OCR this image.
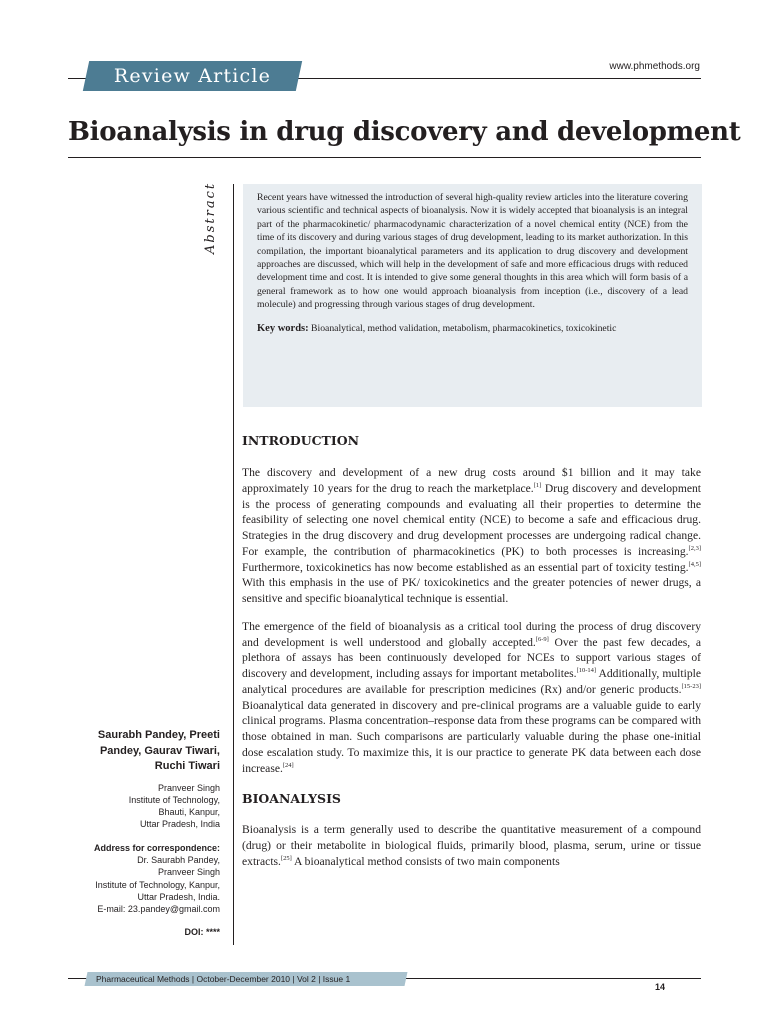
Review Article	www.phmethods.org
Bioanalysis in drug discovery and development
Abstract	Recent years have witnessed the introduction of several high-quality review articles into the literature covering various scientific and technical aspects of bioanalysis. Now it is widely accepted that bioanalysis is an integral part of the pharmacokinetic/ pharmacodynamic characterization of a novel chemical entity (NCE) from the time of its discovery and during various stages of drug development, leading to its market authorization. In this compilation, the important bioanalytical parameters and its application to drug discovery and development approaches are discussed, which will help in the development of safe and more efficacious drugs with reduced development time and cost. It is intended to give some general thoughts in this area which will form basis of a general framework as to how one would approach bioanalysis from inception (i.e., discovery of a lead molecule) and progressing through various stages of drug development.

Key words: Bioanalytical, method validation, metabolism, pharmacokinetics, toxicokinetic

INTRODUCTION

The discovery and development of a new drug costs around $1 billion and it may take approximately 10 years for the drug to reach the marketplace.[1] Drug discovery and development is the process of generating compounds and evaluating all their properties to determine the feasibility of selecting one novel chemical entity (NCE) to become a safe and efficacious drug. Strategies in the drug discovery and drug development processes are undergoing radical change. For example, the contribution of pharmacokinetics (PK) to both processes is increasing.[2,3] Furthermore, toxicokinetics has now become established as an essential part of toxicity testing.[4,5] With this emphasis in the use of PK/ toxicokinetics and the greater potencies of newer drugs, a sensitive and specific bioanalytical technique is essential.

The emergence of the field of bioanalysis as a critical tool during the process of drug discovery and development is well understood and globally accepted.[6-9] Over the past few decades, a plethora of assays has been continuously developed for NCEs to support various stages of discovery and development, including assays for important metabolites.[10-14] Additionally, multiple analytical procedures are available for prescription medicines (Rx) and/or generic products.[15-23] Bioanalytical data generated in discovery and pre-clinical programs are a valuable guide to early clinical programs. Plasma concentration–response data from these programs can be compared with those obtained in man. Such comparisons are particularly valuable during the phase one-initial dose escalation study. To maximize this, it is our practice to generate PK data between each dose increase.[24]

BIOANALYSIS

Bioanalysis is a term generally used to describe the quantitative measurement of a compound (drug) or their metabolite in biological fluids, primarily blood, plasma, serum, urine or tissue extracts.[25] A bioanalytical method consists of two main components

Saurabh Pandey, Preeti Pandey, Gaurav Tiwari, Ruchi Tiwari
Pranveer Singh
Institute of Technology,
Bhauti, Kanpur,
Uttar Pradesh, India
Address for correspondence:
Dr. Saurabh Pandey,
Pranveer Singh
Institute of Technology, Kanpur,
Uttar Pradesh, India.
E-mail: 23.pandey@gmail.com
DOI: ****
Pharmaceutical Methods | October-December 2010 | Vol 2 | Issue 1
14
